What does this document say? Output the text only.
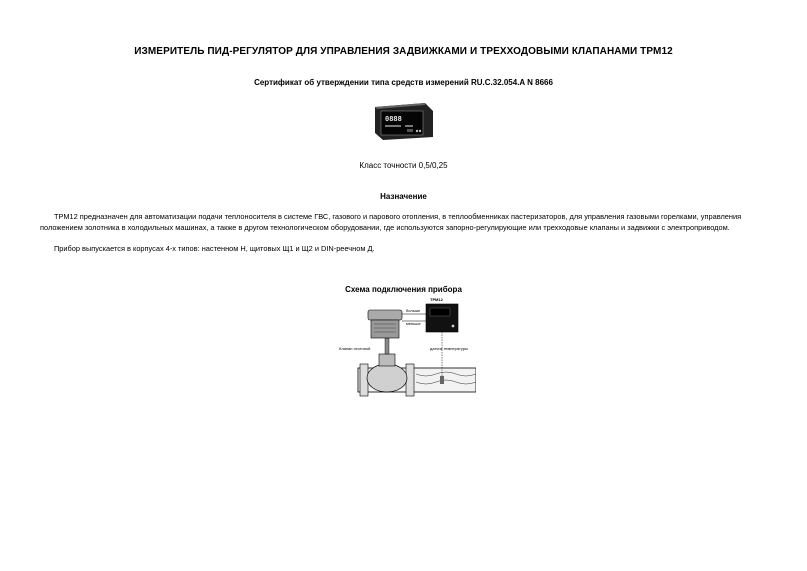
ИЗМЕРИТЕЛЬ ПИД-РЕГУЛЯТОР ДЛЯ УПРАВЛЕНИЯ ЗАДВИЖКАМИ И ТРЕХХОДОВЫМИ КЛАПАНАМИ ТРМ12
Сертификат об утверждении типа средств измерений RU.C.32.054.A N 8666
0888
Класс точности 0,5/0,25
Назначение
ТРМ12 предназначен для автоматизации подачи теплоносителя в системе ГВС, газового и парового отопления, в теплообменниках пастеризаторов, для управления газовыми горелками, управления положением золотника в холодильных машинах, а также в другом технологическом оборудовании, где используются запорно-регулирующие или трехходовые клапаны и задвижки с электроприводом.
Прибор выпускается в корпусах 4-х типов: настенном Н, щитовых Щ1 и Щ2 и DIN-реечном Д.
Схема подключения прибора
ТРМ12
больше
меньше
Клапан отсечной	датчик температуры
